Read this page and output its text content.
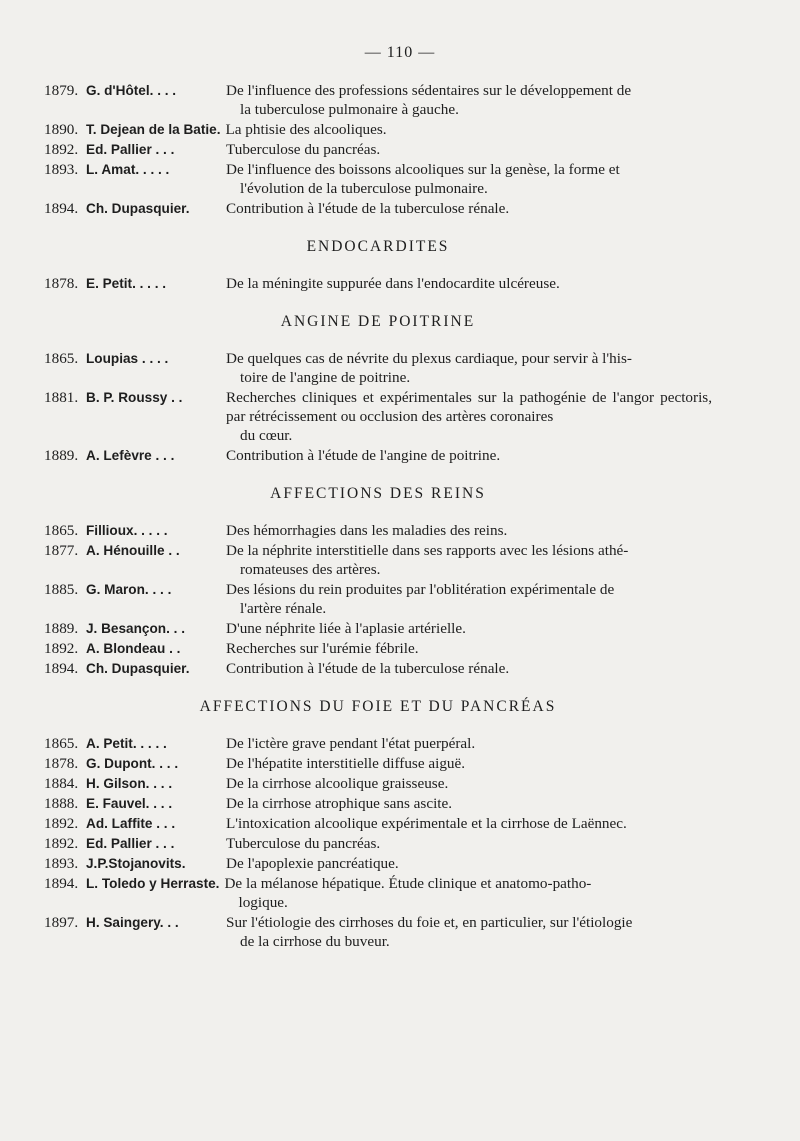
— 110 —
1879. G. d'Hôtel. . . .	De l'influence des professions sédentaires sur le développement de
la tuberculose pulmonaire à gauche.
1890. T. Dejean de la Batie. La phtisie des alcooliques.
1892. Ed. Pallier . . .	Tuberculose du pancréas.
1893. L. Amat. . . . .	De l'influence des boissons alcooliques sur la genèse, la forme et
l'évolution de la tuberculose pulmonaire.
1894. Ch. Dupasquier.	Contribution à l'étude de la tuberculose rénale.
ENDOCARDITES
1878. E. Petit. . . . .	De la méningite suppurée dans l'endocardite ulcéreuse.
ANGINE DE POITRINE
1865. Loupias . . . .	De quelques cas de névrite du plexus cardiaque, pour servir à l'his-
toire de l'angine de poitrine.
1881. B. P. Roussy . .	Recherches cliniques et expérimentales sur la pathogénie de l'angor pectoris, par rétrécissement ou occlusion des artères coronaires
du cœur.
1889. A. Lefèvre . . .	Contribution à l'étude de l'angine de poitrine.
AFFECTIONS DES REINS
1865. Fillioux. . . . .	Des hémorrhagies dans les maladies des reins.
1877. A. Hénouille . .	De la néphrite interstitielle dans ses rapports avec les lésions athé-
romateuses des artères.
1885. G. Maron. . . .	Des lésions du rein produites par l'oblitération expérimentale de
l'artère rénale.
1889. J. Besançon. . .	D'une néphrite liée à l'aplasie artérielle.
1892. A. Blondeau . .	Recherches sur l'urémie fébrile.
1894. Ch. Dupasquier.	Contribution à l'étude de la tuberculose rénale.
AFFECTIONS DU FOIE ET DU PANCRÉAS
1865. A. Petit. . . . .	De l'ictère grave pendant l'état puerpéral.
1878. G. Dupont. . . .	De l'hépatite interstitielle diffuse aiguë.
1884. H. Gilson. . . .	De la cirrhose alcoolique graisseuse.
1888. E. Fauvel. . . .	De la cirrhose atrophique sans ascite.
1892. Ad. Laffite . . .	L'intoxication alcoolique expérimentale et la cirrhose de Laënnec.
1892. Ed. Pallier . . .	Tuberculose du pancréas.
1893. J.P.Stojanovits.	De l'apoplexie pancréatique.
1894. L. Toledo y Herraste. De la mélanose hépatique. Étude clinique et anatomo-patho-
logique.
1897. H. Saingery. . .	Sur l'étiologie des cirrhoses du foie et, en particulier, sur l'étiologie
de la cirrhose du buveur.
